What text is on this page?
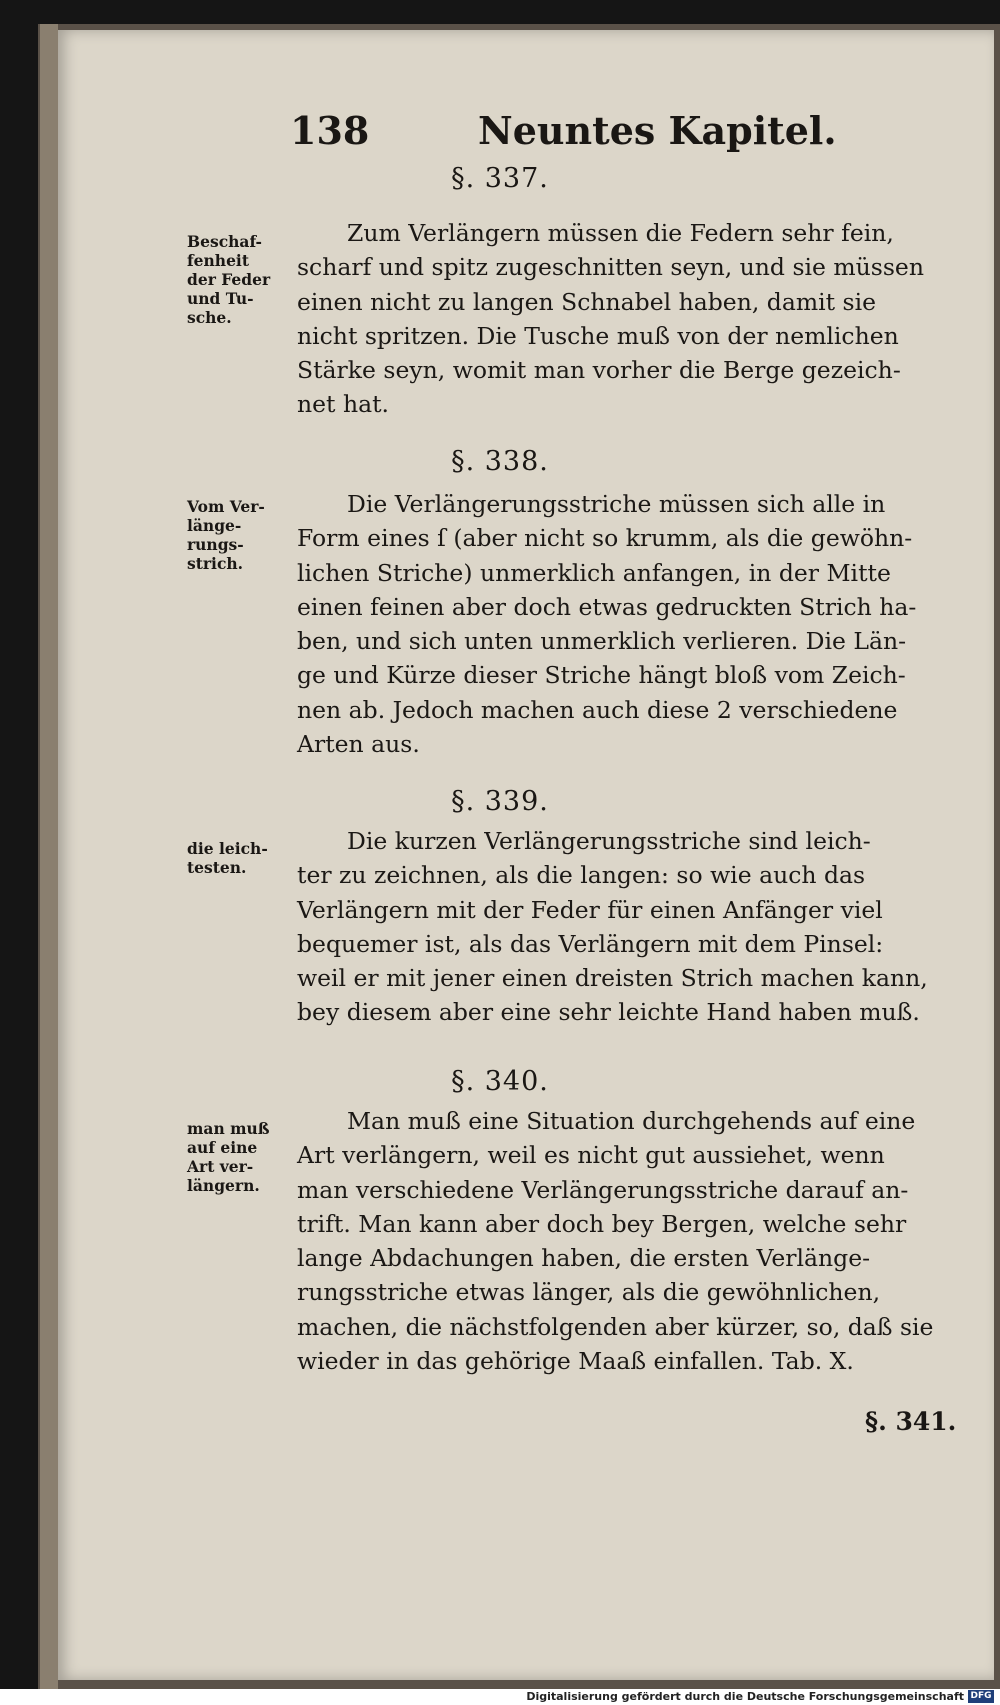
138	Neuntes Kapitel.
§. 337.
Beschaf-
fenheit
der Feder
und Tu-
sche.
Zum Verlängern müssen die Federn sehr fein,
scharf und spitz zugeschnitten seyn, und sie müssen
einen nicht zu langen Schnabel haben, damit sie
nicht spritzen. Die Tusche muß von der nemlichen
Stärke seyn, womit man vorher die Berge gezeich-
net hat.
§. 338.
Vom Ver-
länge-
rungs-
strich.
Die Verlängerungsstriche müssen sich alle in
Form eines ſ (aber nicht so krumm, als die gewöhn-
lichen Striche) unmerklich anfangen, in der Mitte
einen feinen aber doch etwas gedruckten Strich ha-
ben, und sich unten unmerklich verlieren. Die Län-
ge und Kürze dieser Striche hängt bloß vom Zeich-
nen ab. Jedoch machen auch diese 2 verschiedene
Arten aus.
§. 339.
die leich-
testen.
Die kurzen Verlängerungsstriche sind leich-
ter zu zeichnen, als die langen: so wie auch das
Verlängern mit der Feder für einen Anfänger viel
bequemer ist, als das Verlängern mit dem Pinsel:
weil er mit jener einen dreisten Strich machen kann,
bey diesem aber eine sehr leichte Hand haben muß.
§. 340.
man muß
auf eine
Art ver-
längern.
Man muß eine Situation durchgehends auf eine
Art verlängern, weil es nicht gut aussiehet, wenn
man verschiedene Verlängerungsstriche darauf an-
trift. Man kann aber doch bey Bergen, welche sehr
lange Abdachungen haben, die ersten Verlänge-
rungsstriche etwas länger, als die gewöhnlichen,
machen, die nächstfolgenden aber kürzer, so, daß sie
wieder in das gehörige Maaß einfallen. Tab. X.
§. 341.
Digitalisierung gefördert durch die Deutsche Forschungsgemeinschaft DFG
